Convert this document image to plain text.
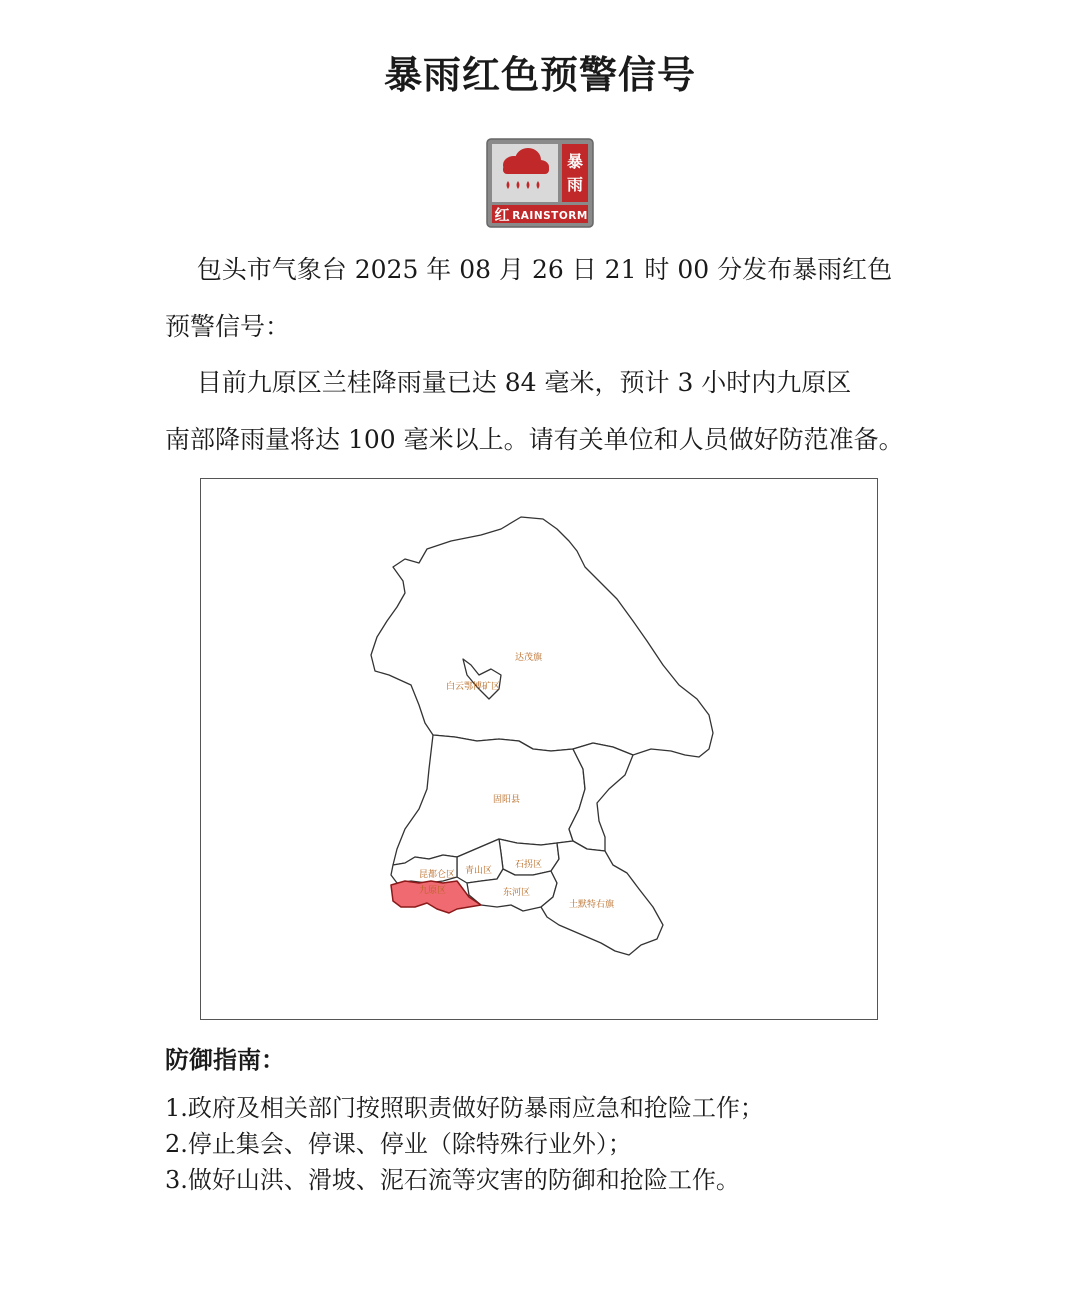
暴雨红色预警信号
暴
雨
红 RAINSTORM

包头市气象台 2025 年 08 月 26 日 21 时 00 分发布暴雨红色
预警信号：

目前九原区兰桂降雨量已达 84 毫米，预计 3 小时内九原区
南部降雨量将达 100 毫米以上。请有关单位和人员做好防范准备。

达茂旗
白云鄂博矿区
固阳县
石拐区
青山区
昆都仑区
九原区	东河区
土默特右旗
防御指南：
1.政府及相关部门按照职责做好防暴雨应急和抢险工作；
2.停止集会、停课、停业（除特殊行业外）；
3.做好山洪、滑坡、泥石流等灾害的防御和抢险工作。
